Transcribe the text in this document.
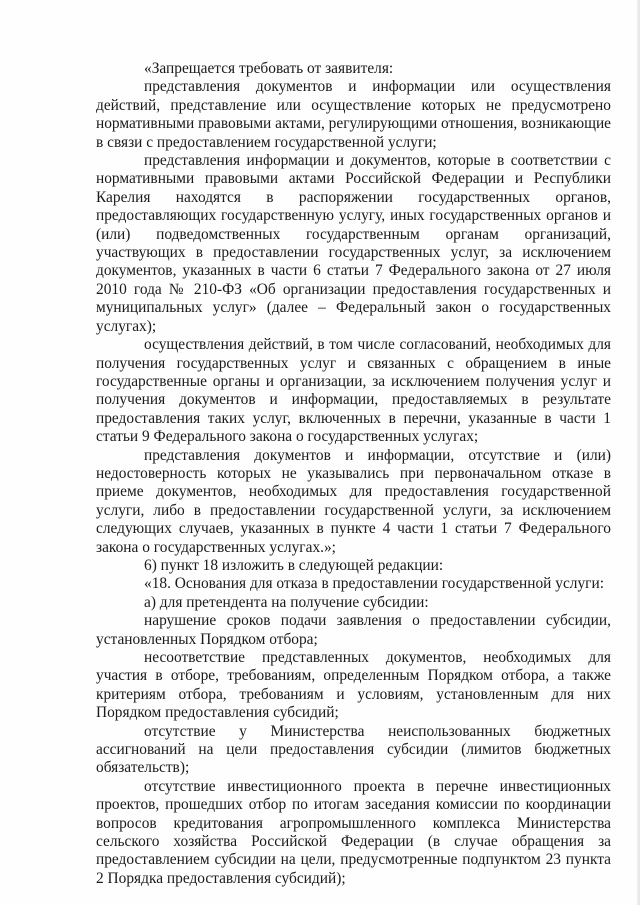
«Запрещается требовать от заявителя:

представления документов и информации или осуществления действий, представление или осуществление которых не предусмотрено нормативными правовыми актами, регулирующими отношения, возникающие в связи с предоставлением государственной услуги;

представления информации и документов, которые в соответствии с нормативными правовыми актами Российской Федерации и Республики Карелия находятся в распоряжении государственных органов, предоставляющих государственную услугу, иных государственных органов и (или) подведомственных государственным органам организаций, участвующих в предоставлении государственных услуг, за исключением документов, указанных в части 6 статьи 7 Федерального закона от 27 июля 2010 года № 210-ФЗ «Об организации предоставления государственных и муниципальных услуг» (далее – Федеральный закон о государственных услугах);

осуществления действий, в том числе согласований, необходимых для получения государственных услуг и связанных с обращением в иные государственные органы и организации, за исключением получения услуг и получения документов и информации, предоставляемых в результате предоставления таких услуг, включенных в перечни, указанные в части 1 статьи 9 Федерального закона о государственных услугах;

представления документов и информации, отсутствие и (или) недостоверность которых не указывались при первоначальном отказе в приеме документов, необходимых для предоставления государственной услуги, либо в предоставлении государственной услуги, за исключением следующих случаев, указанных в пункте 4 части 1 статьи 7 Федерального закона о государственных услугах.»;

6) пункт 18 изложить в следующей редакции:

«18. Основания для отказа в предоставлении государственной услуги:

а) для претендента на получение субсидии:

нарушение сроков подачи заявления о предоставлении субсидии, установленных Порядком отбора;

несоответствие представленных документов, необходимых для участия в отборе, требованиям, определенным Порядком отбора, а также критериям отбора, требованиям и условиям, установленным для них Порядком предоставления субсидий;

отсутствие у Министерства неиспользованных бюджетных ассигнований на цели предоставления субсидии (лимитов бюджетных обязательств);

отсутствие инвестиционного проекта в перечне инвестиционных проектов, прошедших отбор по итогам заседания комиссии по координации вопросов кредитования агропромышленного комплекса Министерства сельского хозяйства Российской Федерации (в случае обращения за предоставлением субсидии на цели, предусмотренные подпунктом 23 пункта 2 Порядка предоставления субсидий);
